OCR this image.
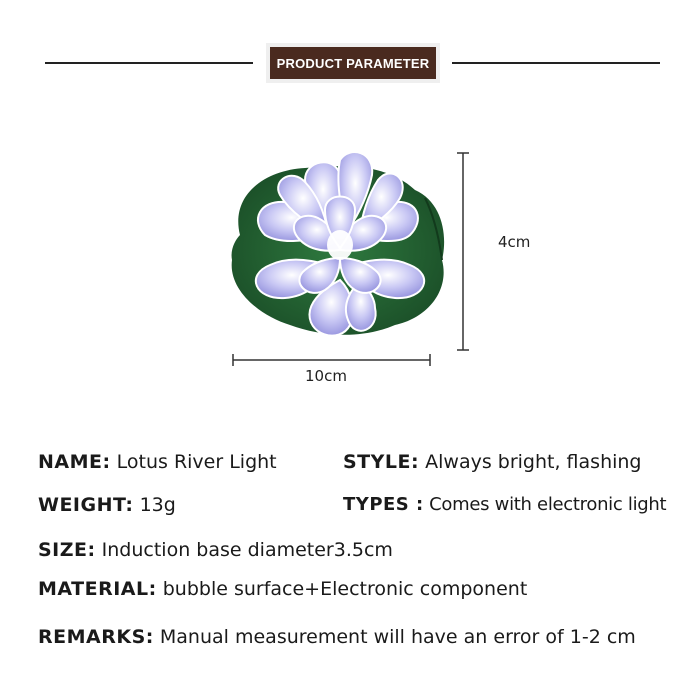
PRODUCT PARAMETER
10cm
4cm
NAME: Lotus River Light	STYLE: Always bright, flashing
WEIGHT: 13g	TYPES : Comes with electronic light
SIZE: Induction base diameter3.5cm
MATERIAL: bubble surface+Electronic component
REMARKS: Manual measurement will have an error of 1-2 cm
